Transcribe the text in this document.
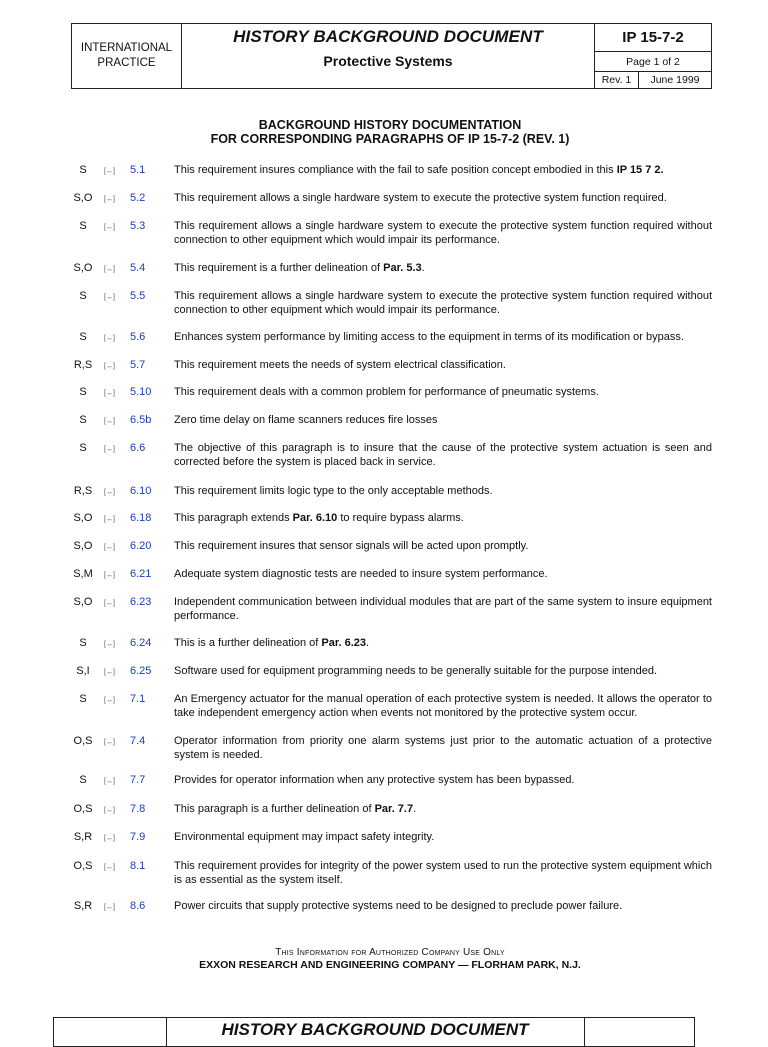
INTERNATIONAL
PRACTICE
HISTORY BACKGROUND DOCUMENT
Protective Systems
IP 15-7-2
Page 1 of 2
Rev. 1	June 1999
BACKGROUND HISTORY DOCUMENTATION
FOR CORRESPONDING PARAGRAPHS OF IP 15-7-2 (REV. 1)
S	[↔]	5.1	This requirement insures compliance with the fail to safe position concept embodied in this IP 15 7 2.
S,O	[↔]	5.2	This requirement allows a single hardware system to execute the protective system function required.
S	[↔]	5.3	This requirement allows a single hardware system to execute the protective system function required without connection to other equipment which would impair its performance.
S,O	[↔]	5.4	This requirement is a further delineation of Par. 5.3.
S	[↔]	5.5	This requirement allows a single hardware system to execute the protective system function required without connection to other equipment which would impair its performance.
S	[↔]	5.6	Enhances system performance by limiting access to the equipment in terms of its modification or bypass.
R,S	[↔]	5.7	This requirement meets the needs of system electrical classification.
S	[↔]	5.10 This requirement deals with a common problem for performance of pneumatic systems.
S	[↔]	6.5b Zero time delay on flame scanners reduces fire losses
S	[↔]	6.6	The objective of this paragraph is to insure that the cause of the protective system actuation is seen and corrected before the system is placed back in service.
R,S	[↔]	6.10 This requirement limits logic type to the only acceptable methods.
S,O	[↔]	6.18 This paragraph extends Par. 6.10 to require bypass alarms.
S,O	[↔]	6.20 This requirement insures that sensor signals will be acted upon promptly.
S,M	[↔]	6.21 Adequate system diagnostic tests are needed to insure system performance.
S,O	[↔]	6.23 Independent communication between individual modules that are part of the same system to insure equipment performance.
S	[↔]	6.24 This is a further delineation of Par. 6.23.
S,I	[↔]	6.25 Software used for equipment programming needs to be generally suitable for the purpose intended.
S	[↔]	7.1	An Emergency actuator for the manual operation of each protective system is needed. It allows the operator to take independent emergency action when events not monitored by the protective system occur.
O,S	[↔]	7.4	Operator information from priority one alarm systems just prior to the automatic actuation of a protective system is needed.
S	[↔]	7.7	Provides for operator information when any protective system has been bypassed.
O,S	[↔]	7.8	This paragraph is a further delineation of Par. 7.7.
S,R	[↔]	7.9	Environmental equipment may impact safety integrity.
O,S	[↔]	8.1	This requirement provides for integrity of the power system used to run the protective system equipment which is as essential as the system itself.
S,R	[↔]	8.6	Power circuits that supply protective systems need to be designed to preclude power failure.
This Information for Authorized Company Use Only
EXXON RESEARCH AND ENGINEERING COMPANY — FLORHAM PARK, N.J.
HISTORY BACKGROUND DOCUMENT
